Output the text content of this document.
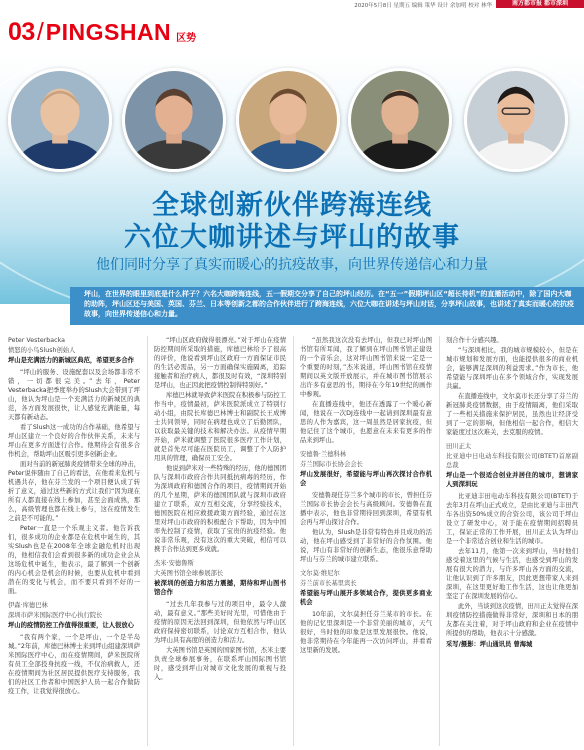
2020年5月8日 星期五 编辑 策华 设计 余加明 校对 林华	南方都市报 都市深圳
03 / PINGSHAN 区势
全球创新伙伴跨海连线
六位大咖讲述与坪山的故事
他们同时分享了真实而暖心的抗疫故事，向世界传递信心和力量
坪山，在世界的眼里到底是什么样子？六名大咖跨海连线，五一假期交分享了自己的坪山经历。在“五一”假期坪山区“超长待机”的直播活动中，除了国内大咖的助阵，坪山区还与美国、英国、芬兰、日本等创新之都的合作伙伴进行了跨海连线，六位大咖在讲述与坪山对话，分享坪山故事，也讲述了真实而暖心的抗疫故事，向世界传递信心和力量。

Peter Vesterbacka

愤怒的小鸟Slush创始人

坪山是充满活力的新城区典范，希望更多合作

“坪山的服务、设施配套以及会场都非常不错，一切都很完美。”去年，Peter Vesterbacka把季度举办的Slush大会带到了坪山，他认为坪山是一个充满活力的新城区的典范，各方面发展很快，让人感觉充满能量，每天都有新动态。

看了Slush这一成功的合作基础，他希望与坪山区建立一个良好的合作伙伴关系，未来与坪山在更多方面进行合作。他期待会有很多合作机会，帮助坪山区吸引更多创新企业。

面对当前的新冠肺炎疫情带来全球的冲击，Peter说伴随由了自己的看法，在他看来危机与机遇共存，他在芬兰发的一个项目便认成了转折了意义，通过这些新的方式让我们“因为现在所有人都直接在线上参加，甚至会面成熟，那么，高级管理也都在线上参与，这在疫情发生之前是不可能的。”

Peter一直是一个乐观主义者。他告诉我们，很多成功的企业都是在危机中诞生的，其实Slush也是在2008年全球金融危机时出现的，他相信我们会看到很多新的成功企业会从这场危机中诞生，他表示，最了解到一个创新的内心机会是机会的时候，也要从危机中看到潜在的变化与机会，而不要只看到不好的一面。

伊森·库德巴林

深圳市萨米国际医疗中心执行院长

坪山的疫情防控工作值得很重要，让人很放心

“我有两个家，一个是坪山，一个是半岛城。”2年前，库德巴林博士来到坪山组建深圳萨米国际医疗中心，而在疫情期间，萨米医院所有员工全部投身抗疫一线，不仅治病救人，还在疫情期间为社区居民提供医疗支持服务，我们的社区工作者和中国医护人员一起合作做防疫工作，让我觉得很放心。

“坪山区政府做得很漂亮。”对于坪山在疫情防控期间所采取的措施，库德巴林给予了很高的评价，他说看到坪山区政府一方面保证市民的生活必需品，另一方面确保实施隔离，追踪接触者和治疗病人，都很及时有效，“深圳特别是坪山，也正因此把疫情控制得特别好。”

库德巴林就导致萨米医院在积极参与防控工作当中，疫情最初，萨米医院派成立了特别行动小组，由院长库德巴林博士和副院长王成博士共同领导，同时在病理也成立了后勤团队，以获取最关键的技术和解决办法。从疫情早期开始，萨米就调整了医院很多医疗工作计划，就是首先尽可能在医院员工，调整了个人防护用具的管理，确保员工安全。

他说到萨米对一些特殊的经历，他的德国团队与深圳市政府合作共同抵抗病毒的经历，作为深圳政府和德国合作的项目，疫情期间开始的几个星期，萨米的德国团队就与深圳市政府建立了联系，双方互相交流，分享经验技术，德国医院在相应救援政策方面经验，通过在这里对坪山市政府的积极配合下帮助，因为中国率先控制了疫情，获取了宝贵的抗疫经验。他说非常乐观，没有这次的重大突破，相信可以携手合作达到更多成就。

杰米·安德鲁斯

大英图书馆全球参展部长

被深圳的创造力和活力震撼，期待和坪山图书馆合作

“过去几年我参与过的项目中，最令人激动，最有意义。”那些美好时光里，可惜他由于疫情的原因无法回到深圳，但他依然与坪山区政府保持密切联系，讨论双方互相合作，他认为坪山具有高度的创造力和活力。

大英图书馆是英国的国家图书馆，杰米主要负责全球参展事务，在联系坪山国际图书馆时，感受到坪山对城市文化发展的重视与投入。

“虽然我这次没有去坪山，但我已对坪山图书馆有所耳闻，我了解到在坪山图书馆正建设的一个音乐会，这对坪山图书馆来说一定是一个重要的时刻，”杰米说道，坪山图书馆在疫情期间以英文版开放展示，并在城市图书馆展示出许多有意思的书，期待在今年19世纪的画作中参观。

在直播连线中，他还在透露了一个暖心新闻，他说在一次DJ连线中一起请到深圳最有意思的人作为嘉宾，这一周虽然是居家抗疫，但他记住了这个城市，也愿意在未来有更多的作品来到坪山。

安德鲁·兰德科林

芬兰国际市长协会会长

坪山发展很好，希望能与坪山再次探讨合作机会

安德鲁现任芬兰多个城市的市长，曾担任芬兰国际市长协会会长与高级顾问。安德鲁在直播中表示，他也非常期待回到深圳，希望有机会再与坪山探讨合作。

他认为，Slush是非常有特色并且成功的活动，他在坪山感受到了非常好的合作氛围。他说，坪山有非常好的创新生态，他很乐意帮助坪山与芬兰的城市建立联系。

文尔莫·维尼尔

芬兰前市长基里宾长

希望能与坪山展开多领域合作，提供更多商业机会

10年前，文尔莫担任芬兰某市的市长。在他的记忆里深圳是一个非常美丽的城市，天气很好，当时他的印象是这里发展很快。他说，他非常期待在今年能再一次访问坪山，并看看这里新的发展。

刻合作十分感兴趣。

“与深圳相比，我的城市规模较小，但是在城市规划和发展方面，也能提供很多的商业机会，能够满足深圳的利益需求。”作为市长，他希望能与深圳坪山在多个领域合作，实现发展共赢。

在直播连线中，文尔莫市长还分享了芬兰的新冠肺炎疫情数据，由于疫情隔离，他们采取了一些相关措施来保护居民，虽然也让经济受到了一定的影响，但他相信一起合作，相信大家能度过这次难关，去克服的疫情。

田川正太

比亚迪中日电动车科技有限公司(BTET)首席副总裁

坪山是一个很适合创业并居住的城市，想请家人到深圳玩

比亚迪丰田电动车科技有限公司(BTET)于去年3月在坪山正式成立，是由比亚迪与丰田汽车各出资50%成立的合资公司，该公司于坪山设立了研发中心，对于能在疫情期间招聘员工，保证正常的工作开展，田川正太认为坪山是一个非常适合创业和生活的城市。

去年11月，他第一次来到坪山，当时他们感受着这里的气候与生活，也感受到坪山的发展有很大的潜力，与许多坪山各方面的交流，让他认识到了许多朋友，因此更想带家人来到深圳，在这里更好地工作生活，这也让他更加坚定了在深圳发展的信心。

此外，当谈到这次疫情，田川正太觉得在深圳疫情防控措施做得非常好，深圳和日本的朋友都在关注着，对于坪山政府和企业在疫情中所提供的帮助，他表示十分感激。

采写/摄影：坪山通讯员 曾海城
